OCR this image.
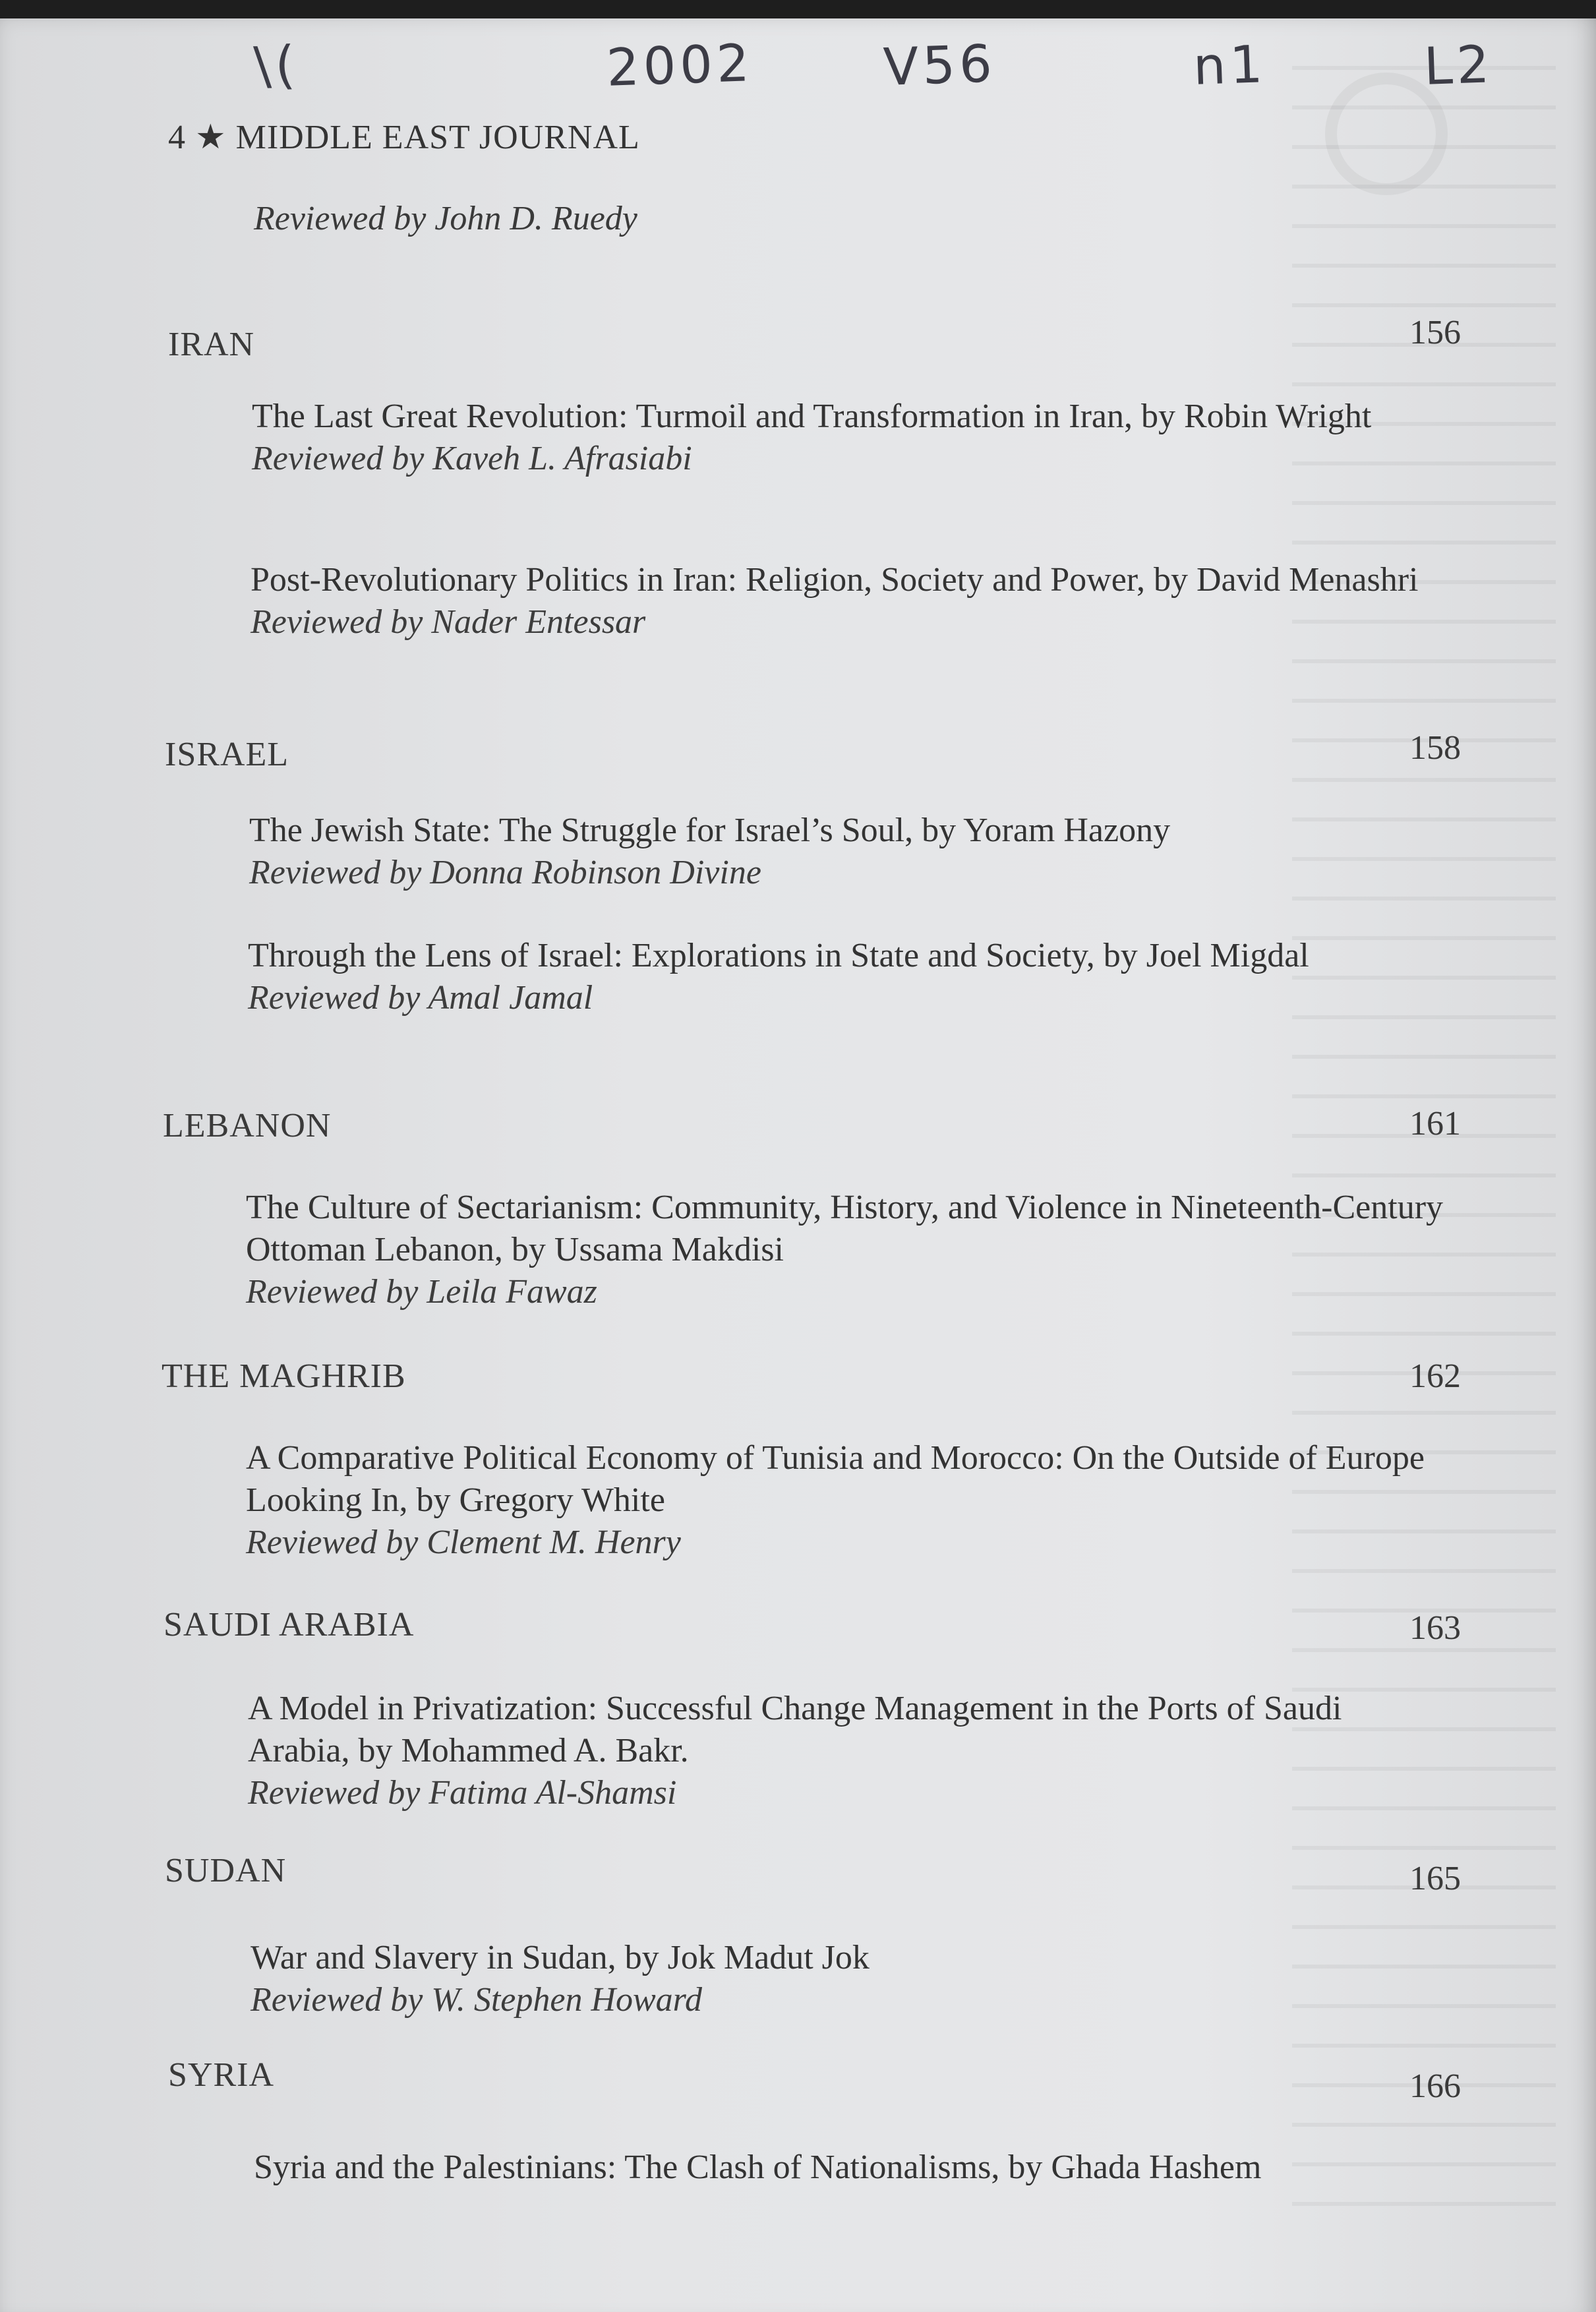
\(	2002 V56	n1	L2
4 ★ MIDDLE EAST JOURNAL
Reviewed by John D. Ruedy
IRAN	156
The Last Great Revolution: Turmoil and Transformation in Iran, by Robin Wright
Reviewed by Kaveh L. Afrasiabi
Post-Revolutionary Politics in Iran: Religion, Society and Power, by David Menashri
Reviewed by Nader Entessar
ISRAEL	158
The Jewish State: The Struggle for Israel’s Soul, by Yoram Hazony
Reviewed by Donna Robinson Divine
Through the Lens of Israel: Explorations in State and Society, by Joel Migdal
Reviewed by Amal Jamal
LEBANON	161
The Culture of Sectarianism: Community, History, and Violence in Nineteenth-Century Ottoman Lebanon, by Ussama Makdisi
Reviewed by Leila Fawaz
THE MAGHRIB	162
A Comparative Political Economy of Tunisia and Morocco: On the Outside of Europe Looking In, by Gregory White
Reviewed by Clement M. Henry
SAUDI ARABIA	163
A Model in Privatization: Successful Change Management in the Ports of Saudi Arabia, by Mohammed A. Bakr.
Reviewed by Fatima Al-Shamsi
SUDAN	165
War and Slavery in Sudan, by Jok Madut Jok
Reviewed by W. Stephen Howard
SYRIA	166
Syria and the Palestinians: The Clash of Nationalisms, by Ghada Hashem
